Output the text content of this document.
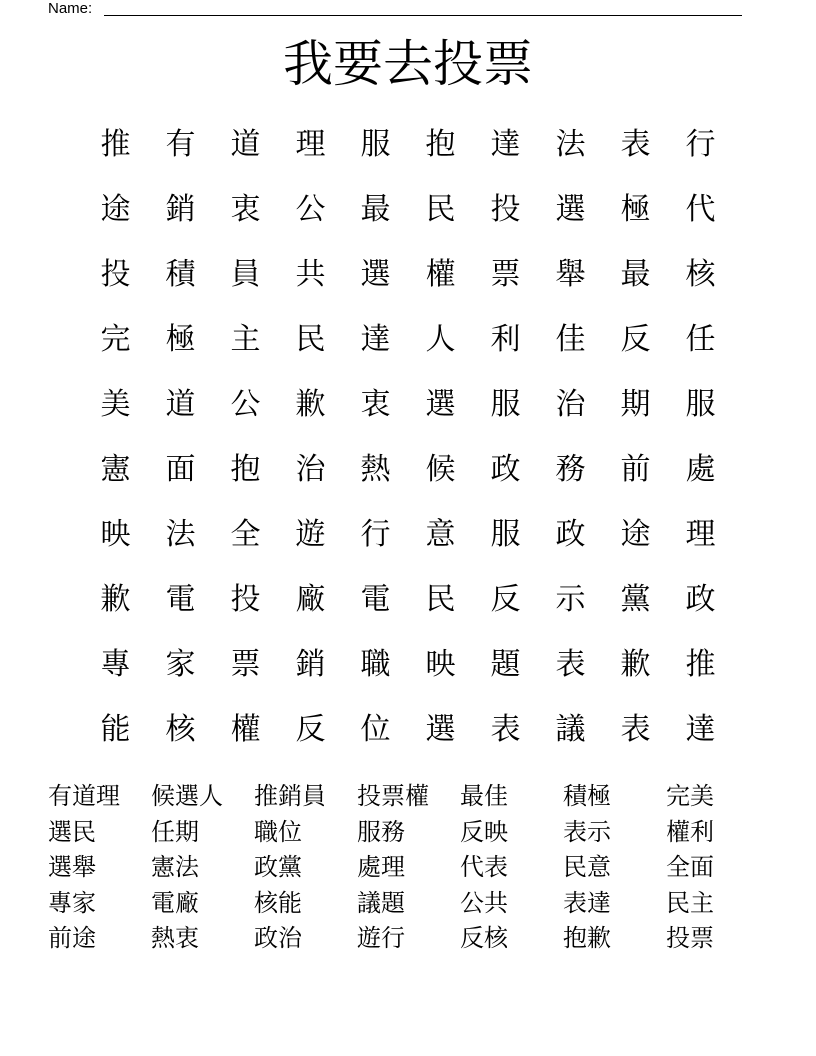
Name:
我要去投票
推	有	道	理	服	抱	達	法	表	行
途	銷	衷	公	最	民	投	選	極	代
投	積	員	共	選	權	票	舉	最	核
完	極	主	民	達	人	利	佳	反	任
美	道	公	歉	衷	選	服	治	期	服
憲	面	抱	治	熱	候	政	務	前	處
映	法	全	遊	行	意	服	政	途	理
歉	電	投	廠	電	民	反	示	黨	政
專	家	票	銷	職	映	題	表	歉	推
能	核	權	反	位	選	表	議	表	達
有道理	候選人	推銷員	投票權	最佳	積極	完美
選民	任期	職位	服務	反映	表示	權利
選舉	憲法	政黨	處理	代表	民意	全面
專家	電廠	核能	議題	公共	表達	民主
前途	熱衷	政治	遊行	反核	抱歉	投票
